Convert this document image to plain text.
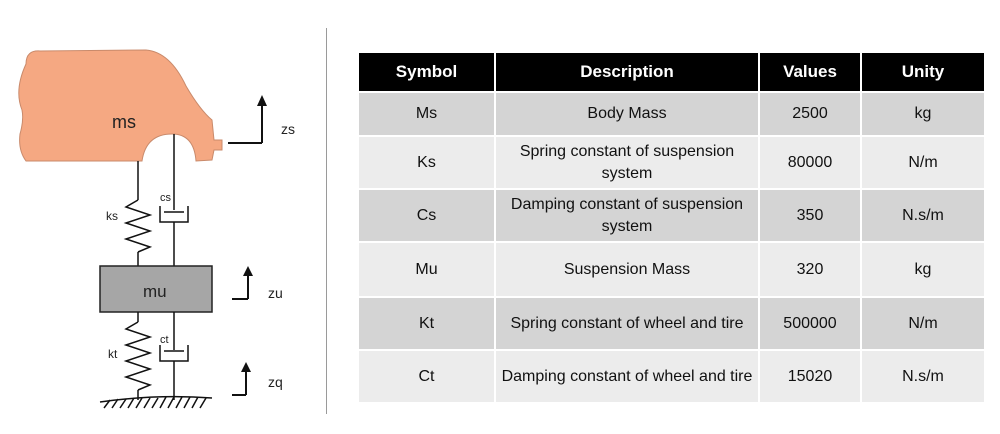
ms	zs
ks
cs
mu	zu
kt
ct
zq
Symbol	Description	Values	Unity
Ms	Body Mass	2500	kg
Ks	Spring constant of suspension system	80000	N/m
Cs	Damping constant of suspension system	350	N.s/m
Mu	Suspension Mass	320	kg
Kt	Spring constant of wheel and tire	500000	N/m
Ct	Damping constant of wheel and tire	15020	N.s/m
